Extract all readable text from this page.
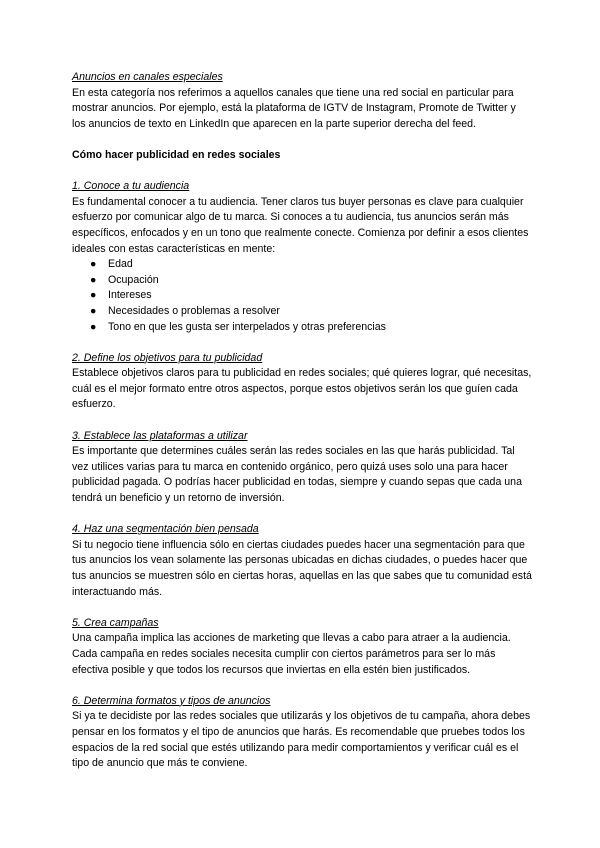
Anuncios en canales especiales

En esta categoría nos referimos a aquellos canales que tiene una red social en particular para mostrar anuncios. Por ejemplo, está la plataforma de IGTV de Instagram, Promote de Twitter y los anuncios de texto en LinkedIn que aparecen en la parte superior derecha del feed.

Cómo hacer publicidad en redes sociales

1. Conoce a tu audiencia

Es fundamental conocer a tu audiencia. Tener claros tus buyer personas es clave para cualquier esfuerzo por comunicar algo de tu marca. Si conoces a tu audiencia, tus anuncios serán más específicos, enfocados y en un tono que realmente conecte. Comienza por definir a esos clientes ideales con estas características en mente:

● Edad
● Ocupación
● Intereses
● Necesidades o problemas a resolver
● Tono en que les gusta ser interpelados y otras preferencias
2. Define los objetivos para tu publicidad

Establece objetivos claros para tu publicidad en redes sociales; qué quieres lograr, qué necesitas, cuál es el mejor formato entre otros aspectos, porque estos objetivos serán los que guíen cada esfuerzo.

3. Establece las plataformas a utilizar

Es importante que determines cuáles serán las redes sociales en las que harás publicidad. Tal vez utilices varias para tu marca en contenido orgánico, pero quizá uses solo una para hacer publicidad pagada. O podrías hacer publicidad en todas, siempre y cuando sepas que cada una tendrá un beneficio y un retorno de inversión.

4. Haz una segmentación bien pensada

Si tu negocio tiene influencia sólo en ciertas ciudades puedes hacer una segmentación para que tus anuncios los vean solamente las personas ubicadas en dichas ciudades, o puedes hacer que tus anuncios se muestren sólo en ciertas horas, aquellas en las que sabes que tu comunidad está interactuando más.

5. Crea campañas

Una campaña implica las acciones de marketing que llevas a cabo para atraer a la audiencia. Cada campaña en redes sociales necesita cumplir con ciertos parámetros para ser lo más efectiva posible y que todos los recursos que inviertas en ella estén bien justificados.

6. Determina formatos y tipos de anuncios

Si ya te decidiste por las redes sociales que utilizarás y los objetivos de tu campaña, ahora debes pensar en los formatos y el tipo de anuncios que harás. Es recomendable que pruebes todos los espacios de la red social que estés utilizando para medir comportamientos y verificar cuál es el tipo de anuncio que más te conviene.
